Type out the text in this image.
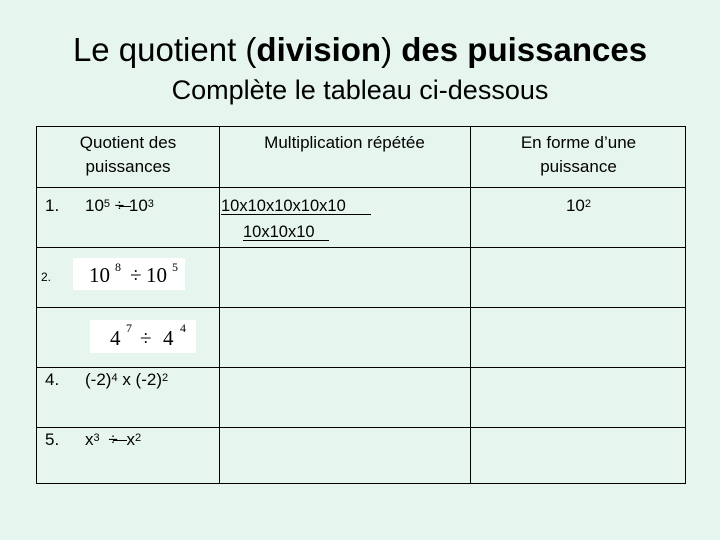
Le quotient (division) des puissances
Complète le tableau ci-dessous
Quotient des
puissances
Multiplication répétée	En forme d’une
puissance
1. $10^5 \div 10^3$	10x10x10x10x10
10x10x10
$10^2$
2. 10 8 ÷ 10 5
4 7 ÷ 4 4
4. $(-2)^4$ x $(-2)^2$
5. $x^3 \div x^2$
